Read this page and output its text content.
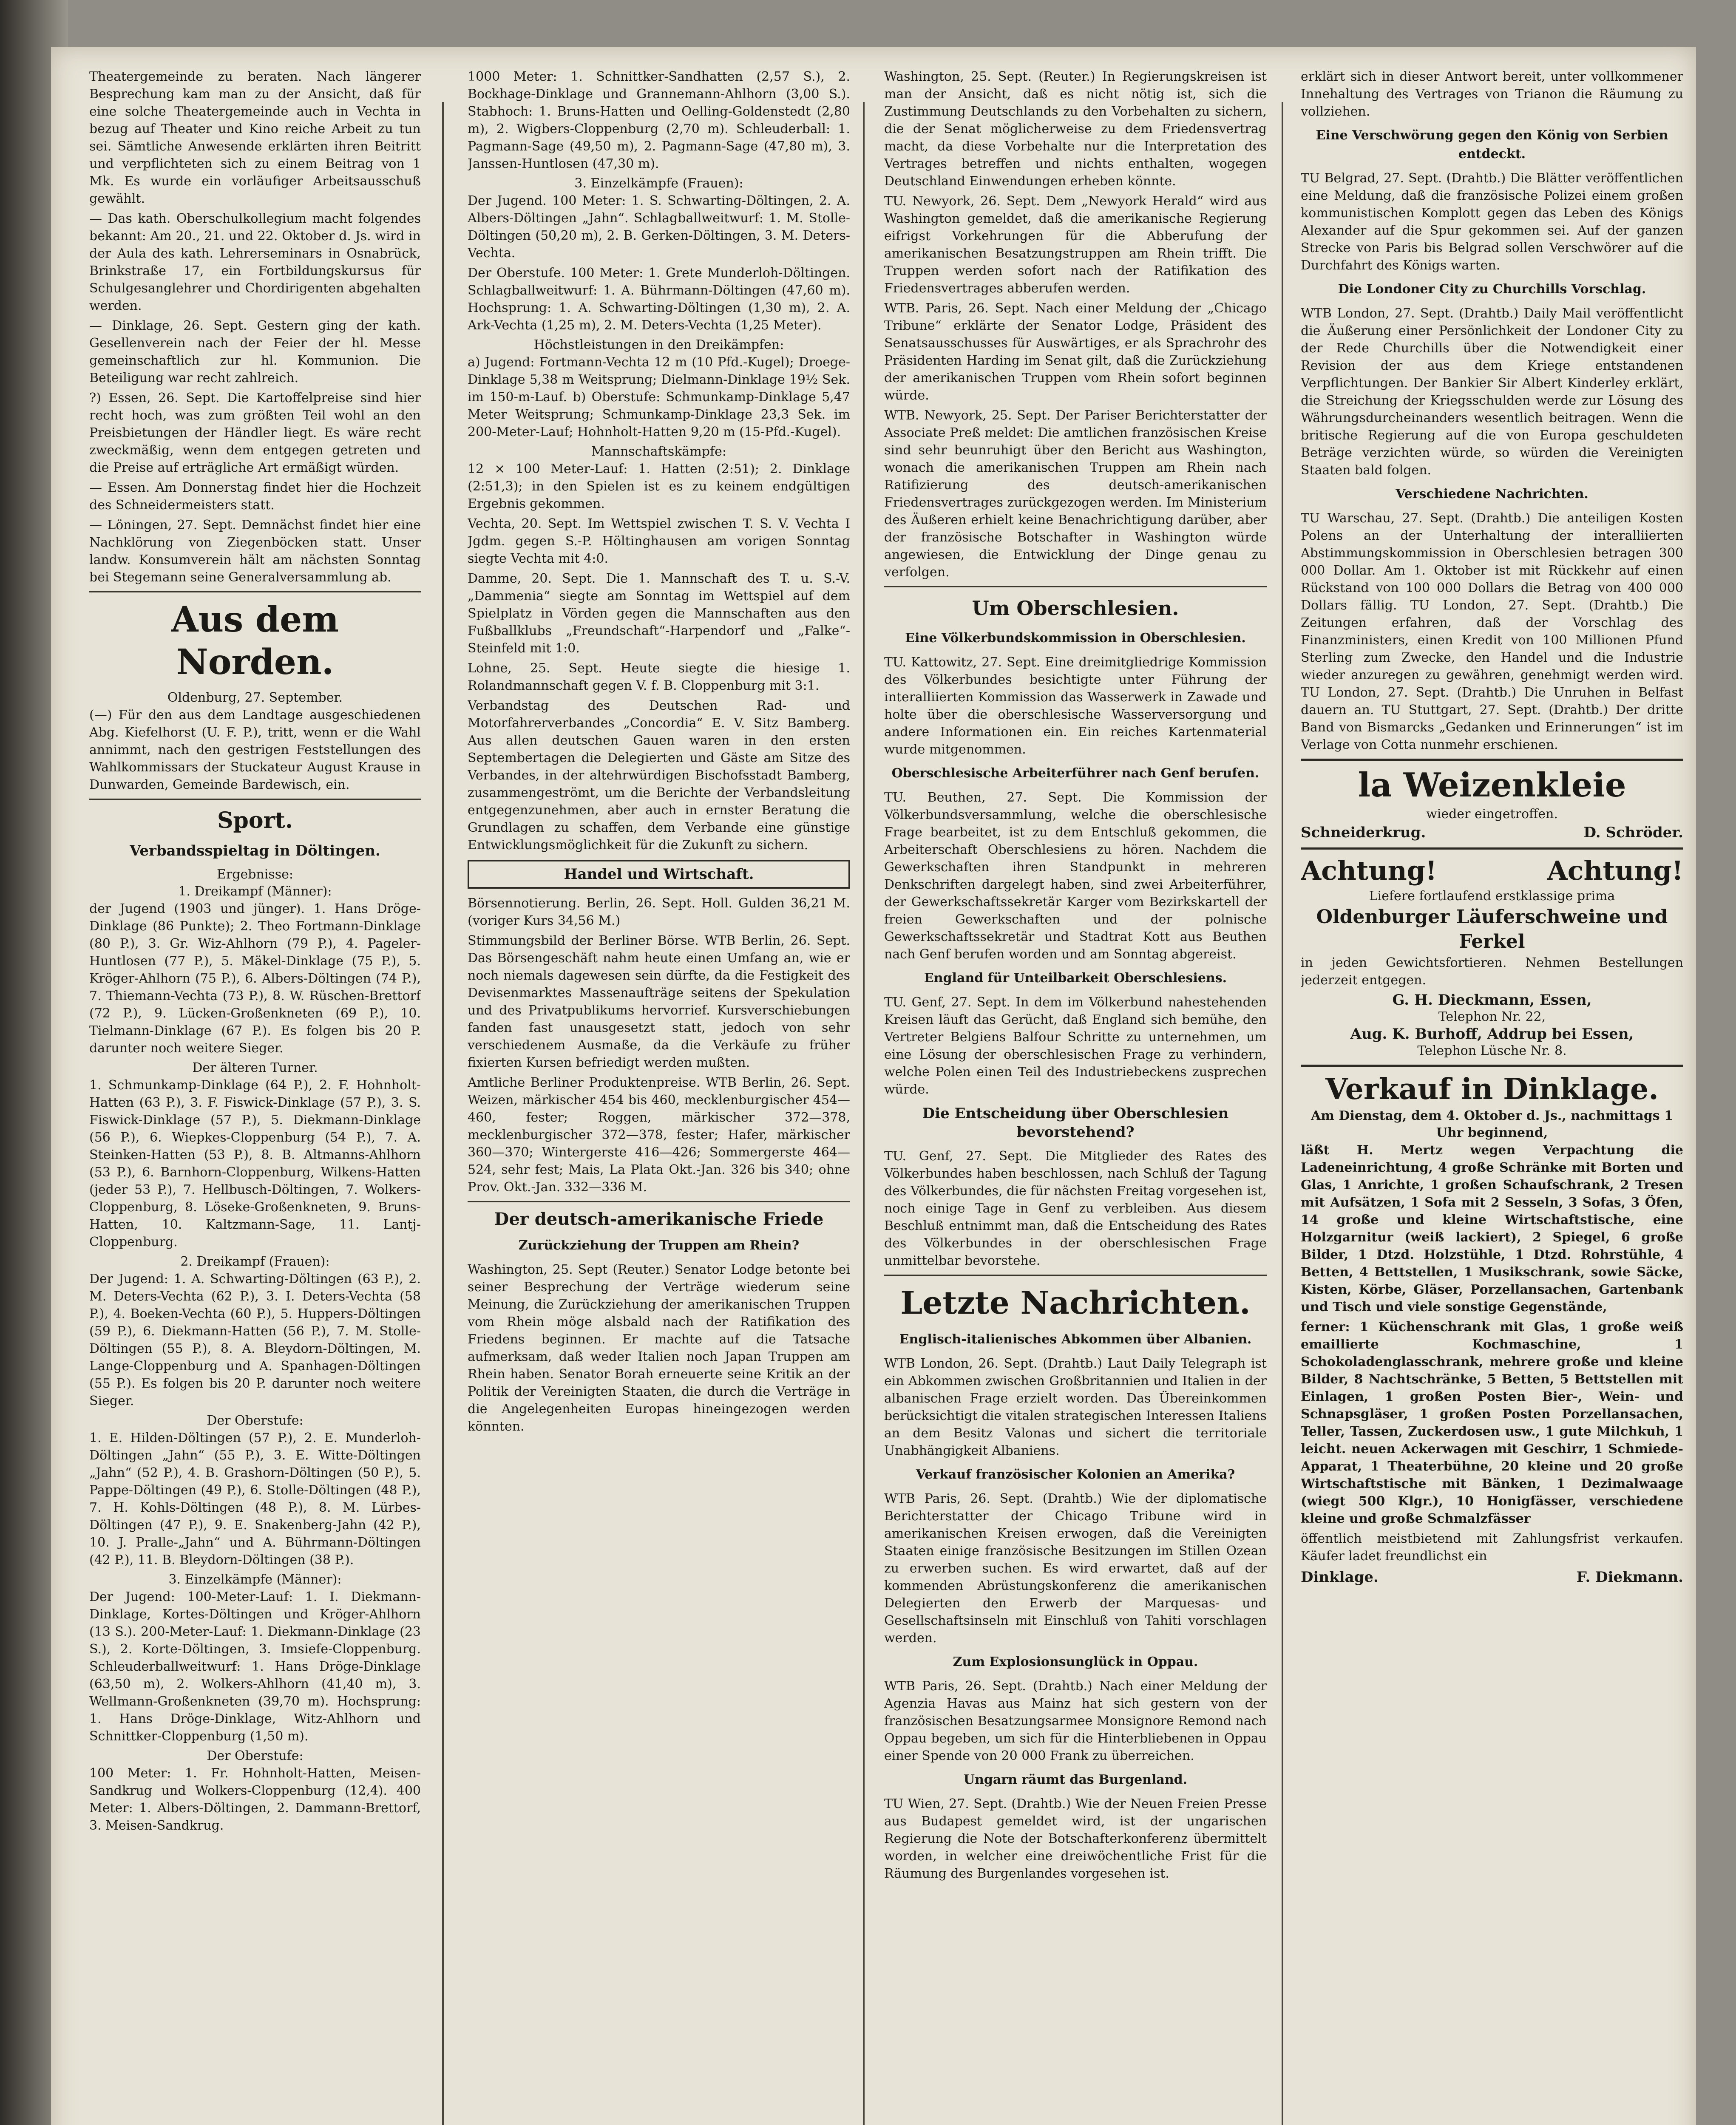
Theatergemeinde zu beraten. Nach längerer Besprechung kam man zu der Ansicht, daß für eine solche Theatergemeinde auch in Vechta in bezug auf Theater und Kino reiche Arbeit zu tun sei. Sämtliche Anwesende erklärten ihren Beitritt und verpflichteten sich zu einem Beitrag von 1 Mk. Es wurde ein vorläufiger Arbeitsausschuß gewählt.

— Das kath. Oberschulkollegium macht folgendes bekannt: Am 20., 21. und 22. Oktober d. Js. wird in der Aula des kath. Lehrerseminars in Osnabrück, Brinkstraße 17, ein Fortbildungskursus für Schulgesanglehrer und Chordirigenten abgehalten werden.

— Dinklage, 26. Sept. Gestern ging der kath. Gesellenverein nach der Feier der hl. Messe gemeinschaftlich zur hl. Kommunion. Die Beteiligung war recht zahlreich.

?) Essen, 26. Sept. Die Kartoffelpreise sind hier recht hoch, was zum größten Teil wohl an den Preisbietungen der Händler liegt. Es wäre recht zweckmäßig, wenn dem entgegen getreten und die Preise auf erträgliche Art ermäßigt würden.

— Essen. Am Donnerstag findet hier die Hochzeit des Schneidermeisters statt.

— Löningen, 27. Sept. Demnächst findet hier eine Nachklörung von Ziegenböcken statt. Unser landw. Konsumverein hält am nächsten Sonntag bei Stegemann seine Generalversammlung ab.

Aus dem Norden.
Oldenburg, 27. September.

(—) Für den aus dem Landtage ausgeschiedenen Abg. Kiefelhorst (U. F. P.), tritt, wenn er die Wahl annimmt, nach den gestrigen Feststellungen des Wahlkommissars der Stuckateur August Krause in Dunwarden, Gemeinde Bardewisch, ein.

Sport.
Verbandsspieltag in Döltingen.
Ergebnisse:
1. Dreikampf (Männer):

der Jugend (1903 und jünger). 1. Hans Dröge-Dinklage (86 Punkte); 2. Theo Fortmann-Dinklage (80 P.), 3. Gr. Wiz-Ahlhorn (79 P.), 4. Pageler-Huntlosen (77 P.), 5. Mäkel-Dinklage (75 P.), 5. Kröger-Ahlhorn (75 P.), 6. Albers-Döltingen (74 P.), 7. Thiemann-Vechta (73 P.), 8. W. Rüschen-Brettorf (72 P.), 9. Lücken-Großenkneten (69 P.), 10. Tielmann-Dinklage (67 P.). Es folgen bis 20 P. darunter noch weitere Sieger.

Der älteren Turner.

1. Schmunkamp-Dinklage (64 P.), 2. F. Hohnholt-Hatten (63 P.), 3. F. Fiswick-Dinklage (57 P.), 3. S. Fiswick-Dinklage (57 P.), 5. Diekmann-Dinklage (56 P.), 6. Wiepkes-Cloppenburg (54 P.), 7. A. Steinken-Hatten (53 P.), 8. B. Altmanns-Ahlhorn (53 P.), 6. Barnhorn-Cloppenburg, Wilkens-Hatten (jeder 53 P.), 7. Hellbusch-Döltingen, 7. Wolkers-Cloppenburg, 8. Löseke-Großenkneten, 9. Bruns-Hatten, 10. Kaltzmann-Sage, 11. Lantj-Cloppenburg.

2. Dreikampf (Frauen):

Der Jugend: 1. A. Schwarting-Döltingen (63 P.), 2. M. Deters-Vechta (62 P.), 3. I. Deters-Vechta (58 P.), 4. Boeken-Vechta (60 P.), 5. Huppers-Döltingen (59 P.), 6. Diekmann-Hatten (56 P.), 7. M. Stolle-Döltingen (55 P.), 8. A. Bleydorn-Döltingen, M. Lange-Cloppenburg und A. Spanhagen-Döltingen (55 P.). Es folgen bis 20 P. darunter noch weitere Sieger.

Der Oberstufe:

1. E. Hilden-Döltingen (57 P.), 2. E. Munderloh-Döltingen „Jahn“ (55 P.), 3. E. Witte-Döltingen „Jahn“ (52 P.), 4. B. Grashorn-Döltingen (50 P.), 5. Pappe-Döltingen (49 P.), 6. Stolle-Döltingen (48 P.), 7. H. Kohls-Döltingen (48 P.), 8. M. Lürbes-Döltingen (47 P.), 9. E. Snakenberg-Jahn (42 P.), 10. J. Pralle-„Jahn“ und A. Bührmann-Döltingen (42 P.), 11. B. Bleydorn-Döltingen (38 P.).

3. Einzelkämpfe (Männer):

Der Jugend: 100-Meter-Lauf: 1. I. Diekmann-Dinklage, Kortes-Döltingen und Kröger-Ahlhorn (13 S.). 200-Meter-Lauf: 1. Diekmann-Dinklage (23 S.), 2. Korte-Döltingen, 3. Imsiefe-Cloppenburg. Schleuderballweitwurf: 1. Hans Dröge-Dinklage (63,50 m), 2. Wolkers-Ahlhorn (41,40 m), 3. Wellmann-Großenkneten (39,70 m). Hochsprung: 1. Hans Dröge-Dinklage, Witz-Ahlhorn und Schnittker-Cloppenburg (1,50 m).

Der Oberstufe:

100 Meter: 1. Fr. Hohnholt-Hatten, Meisen-Sandkrug und Wolkers-Cloppenburg (12,4). 400 Meter: 1. Albers-Döltingen, 2. Dammann-Brettorf, 3. Meisen-Sandkrug.

1000 Meter: 1. Schnittker-Sandhatten (2,57 S.), 2. Bockhage-Dinklage und Grannemann-Ahlhorn (3,00 S.). Stabhoch: 1. Bruns-Hatten und Oelling-Goldenstedt (2,80 m), 2. Wigbers-Cloppenburg (2,70 m). Schleuderball: 1. Pagmann-Sage (49,50 m), 2. Pagmann-Sage (47,80 m), 3. Janssen-Huntlosen (47,30 m).

3. Einzelkämpfe (Frauen):

Der Jugend. 100 Meter: 1. S. Schwarting-Döltingen, 2. A. Albers-Döltingen „Jahn“. Schlagballweitwurf: 1. M. Stolle-Döltingen (50,20 m), 2. B. Gerken-Döltingen, 3. M. Deters-Vechta.

Der Oberstufe. 100 Meter: 1. Grete Munderloh-Döltingen. Schlagballweitwurf: 1. A. Bührmann-Döltingen (47,60 m). Hochsprung: 1. A. Schwarting-Döltingen (1,30 m), 2. A. Ark-Vechta (1,25 m), 2. M. Deters-Vechta (1,25 Meter).

Höchstleistungen in den Dreikämpfen:

a) Jugend: Fortmann-Vechta 12 m (10 Pfd.-Kugel); Droege-Dinklage 5,38 m Weitsprung; Dielmann-Dinklage 19½ Sek. im 150-m-Lauf. b) Oberstufe: Schmunkamp-Dinklage 5,47 Meter Weitsprung; Schmunkamp-Dinklage 23,3 Sek. im 200-Meter-Lauf; Hohnholt-Hatten 9,20 m (15-Pfd.-Kugel).

Mannschaftskämpfe:

12 × 100 Meter-Lauf: 1. Hatten (2:51); 2. Dinklage (2:51,3); in den Spielen ist es zu keinem endgültigen Ergebnis gekommen.

Vechta, 20. Sept. Im Wettspiel zwischen T. S. V. Vechta I Jgdm. gegen S.-P. Höltinghausen am vorigen Sonntag siegte Vechta mit 4:0.

Damme, 20. Sept. Die 1. Mannschaft des T. u. S.-V. „Dammenia“ siegte am Sonntag im Wettspiel auf dem Spielplatz in Vörden gegen die Mannschaften aus den Fußballklubs „Freundschaft“-Harpendorf und „Falke“-Steinfeld mit 1:0.

Lohne, 25. Sept. Heute siegte die hiesige 1. Rolandmannschaft gegen V. f. B. Cloppenburg mit 3:1.

Verbandstag des Deutschen Rad- und Motorfahrerverbandes „Concordia“ E. V. Sitz Bamberg. Aus allen deutschen Gauen waren in den ersten Septembertagen die Delegierten und Gäste am Sitze des Verbandes, in der altehrwürdigen Bischofsstadt Bamberg, zusammengeströmt, um die Berichte der Verbandsleitung entgegenzunehmen, aber auch in ernster Beratung die Grundlagen zu schaffen, dem Verbande eine günstige Entwicklungsmöglichkeit für die Zukunft zu sichern.

Handel und Wirtschaft.

Börsennotierung. Berlin, 26. Sept. Holl. Gulden 36,21 M. (voriger Kurs 34,56 M.)

Stimmungsbild der Berliner Börse. WTB Berlin, 26. Sept. Das Börsengeschäft nahm heute einen Umfang an, wie er noch niemals dagewesen sein dürfte, da die Festigkeit des Devisenmarktes Massenaufträge seitens der Spekulation und des Privatpublikums hervorrief. Kursverschiebungen fanden fast unausgesetzt statt, jedoch von sehr verschiedenem Ausmaße, da die Verkäufe zu früher fixierten Kursen befriedigt werden mußten.

Amtliche Berliner Produktenpreise. WTB Berlin, 26. Sept. Weizen, märkischer 454 bis 460, mecklenburgischer 454—460, fester; Roggen, märkischer 372—378, mecklenburgischer 372—378, fester; Hafer, märkischer 360—370; Wintergerste 416—426; Sommergerste 464—524, sehr fest; Mais, La Plata Okt.-Jan. 326 bis 340; ohne Prov. Okt.-Jan. 332—336 M.

Der deutsch-amerikanische Friede
Zurückziehung der Truppen am Rhein?

Washington, 25. Sept (Reuter.) Senator Lodge betonte bei seiner Besprechung der Verträge wiederum seine Meinung, die Zurückziehung der amerikanischen Truppen vom Rhein möge alsbald nach der Ratifikation des Friedens beginnen. Er machte auf die Tatsache aufmerksam, daß weder Italien noch Japan Truppen am Rhein haben. Senator Borah erneuerte seine Kritik an der Politik der Vereinigten Staaten, die durch die Verträge in die Angelegenheiten Europas hineingezogen werden könnten.

Washington, 25. Sept. (Reuter.) In Regierungskreisen ist man der Ansicht, daß es nicht nötig ist, sich die Zustimmung Deutschlands zu den Vorbehalten zu sichern, die der Senat möglicherweise zu dem Friedensvertrag macht, da diese Vorbehalte nur die Interpretation des Vertrages betreffen und nichts enthalten, wogegen Deutschland Einwendungen erheben könnte.

TU. Newyork, 26. Sept. Dem „Newyork Herald“ wird aus Washington gemeldet, daß die amerikanische Regierung eifrigst Vorkehrungen für die Abberufung der amerikanischen Besatzungstruppen am Rhein trifft. Die Truppen werden sofort nach der Ratifikation des Friedensvertrages abberufen werden.

WTB. Paris, 26. Sept. Nach einer Meldung der „Chicago Tribune“ erklärte der Senator Lodge, Präsident des Senatsausschusses für Auswärtiges, er als Sprachrohr des Präsidenten Harding im Senat gilt, daß die Zurückziehung der amerikanischen Truppen vom Rhein sofort beginnen würde.

WTB. Newyork, 25. Sept. Der Pariser Berichterstatter der Associate Preß meldet: Die amtlichen französischen Kreise sind sehr beunruhigt über den Bericht aus Washington, wonach die amerikanischen Truppen am Rhein nach Ratifizierung des deutsch-amerikanischen Friedensvertrages zurückgezogen werden. Im Ministerium des Äußeren erhielt keine Benachrichtigung darüber, aber der französische Botschafter in Washington würde angewiesen, die Entwicklung der Dinge genau zu verfolgen.

Um Oberschlesien.
Eine Völkerbundskommission in Oberschlesien.

TU. Kattowitz, 27. Sept. Eine dreimitgliedrige Kommission des Völkerbundes besichtigte unter Führung der interalliierten Kommission das Wasserwerk in Zawade und holte über die oberschlesische Wasserversorgung und andere Informationen ein. Ein reiches Kartenmaterial wurde mitgenommen.

Oberschlesische Arbeiterführer nach Genf berufen.

TU. Beuthen, 27. Sept. Die Kommission der Völkerbundsversammlung, welche die oberschlesische Frage bearbeitet, ist zu dem Entschluß gekommen, die Arbeiterschaft Oberschlesiens zu hören. Nachdem die Gewerkschaften ihren Standpunkt in mehreren Denkschriften dargelegt haben, sind zwei Arbeiterführer, der Gewerkschaftssekretär Karger vom Bezirkskartell der freien Gewerkschaften und der polnische Gewerkschaftssekretär und Stadtrat Kott aus Beuthen nach Genf berufen worden und am Sonntag abgereist.

England für Unteilbarkeit Oberschlesiens.

TU. Genf, 27. Sept. In dem im Völkerbund nahestehenden Kreisen läuft das Gerücht, daß England sich bemühe, den Vertreter Belgiens Balfour Schritte zu unternehmen, um eine Lösung der oberschlesischen Frage zu verhindern, welche Polen einen Teil des Industriebeckens zusprechen würde.

Die Entscheidung über Oberschlesien bevorstehend?

TU. Genf, 27. Sept. Die Mitglieder des Rates des Völkerbundes haben beschlossen, nach Schluß der Tagung des Völkerbundes, die für nächsten Freitag vorgesehen ist, noch einige Tage in Genf zu verbleiben. Aus diesem Beschluß entnimmt man, daß die Entscheidung des Rates des Völkerbundes in der oberschlesischen Frage unmittelbar bevorstehe.

Letzte Nachrichten.
Englisch-italienisches Abkommen über Albanien.

WTB London, 26. Sept. (Drahtb.) Laut Daily Telegraph ist ein Abkommen zwischen Großbritannien und Italien in der albanischen Frage erzielt worden. Das Übereinkommen berücksichtigt die vitalen strategischen Interessen Italiens an dem Besitz Valonas und sichert die territoriale Unabhängigkeit Albaniens.

Verkauf französischer Kolonien an Amerika?

WTB Paris, 26. Sept. (Drahtb.) Wie der diplomatische Berichterstatter der Chicago Tribune wird in amerikanischen Kreisen erwogen, daß die Vereinigten Staaten einige französische Besitzungen im Stillen Ozean zu erwerben suchen. Es wird erwartet, daß auf der kommenden Abrüstungskonferenz die amerikanischen Delegierten den Erwerb der Marquesas- und Gesellschaftsinseln mit Einschluß von Tahiti vorschlagen werden.

Zum Explosionsunglück in Oppau.

WTB Paris, 26. Sept. (Drahtb.) Nach einer Meldung der Agenzia Havas aus Mainz hat sich gestern von der französischen Besatzungsarmee Monsignore Remond nach Oppau begeben, um sich für die Hinterbliebenen in Oppau einer Spende von 20 000 Frank zu überreichen.

Ungarn räumt das Burgenland.

TU Wien, 27. Sept. (Drahtb.) Wie der Neuen Freien Presse aus Budapest gemeldet wird, ist der ungarischen Regierung die Note der Botschafterkonferenz übermittelt worden, in welcher eine dreiwöchentliche Frist für die Räumung des Burgenlandes vorgesehen ist.

erklärt sich in dieser Antwort bereit, unter vollkommener Innehaltung des Vertrages von Trianon die Räumung zu vollziehen.

Eine Verschwörung gegen den König von Serbien entdeckt.

TU Belgrad, 27. Sept. (Drahtb.) Die Blätter veröffentlichen eine Meldung, daß die französische Polizei einem großen kommunistischen Komplott gegen das Leben des Königs Alexander auf die Spur gekommen sei. Auf der ganzen Strecke von Paris bis Belgrad sollen Verschwörer auf die Durchfahrt des Königs warten.

Die Londoner City zu Churchills Vorschlag.

WTB London, 27. Sept. (Drahtb.) Daily Mail veröffentlicht die Äußerung einer Persönlichkeit der Londoner City zu der Rede Churchills über die Notwendigkeit einer Revision der aus dem Kriege entstandenen Verpflichtungen. Der Bankier Sir Albert Kinderley erklärt, die Streichung der Kriegsschulden werde zur Lösung des Währungsdurcheinanders wesentlich beitragen. Wenn die britische Regierung auf die von Europa geschuldeten Beträge verzichten würde, so würden die Vereinigten Staaten bald folgen.

Verschiedene Nachrichten.

TU Warschau, 27. Sept. (Drahtb.) Die anteiligen Kosten Polens an der Unterhaltung der interalliierten Abstimmungskommission in Oberschlesien betragen 300 000 Dollar. Am 1. Oktober ist mit Rückkehr auf einen Rückstand von 100 000 Dollars die Betrag von 400 000 Dollars fällig. TU London, 27. Sept. (Drahtb.) Die Zeitungen erfahren, daß der Vorschlag des Finanzministers, einen Kredit von 100 Millionen Pfund Sterling zum Zwecke, den Handel und die Industrie wieder anzuregen zu gewähren, genehmigt werden wird. TU London, 27. Sept. (Drahtb.) Die Unruhen in Belfast dauern an. TU Stuttgart, 27. Sept. (Drahtb.) Der dritte Band von Bismarcks „Gedanken und Erinnerungen“ ist im Verlage von Cotta nunmehr erschienen.

la Weizenkleie
wieder eingetroffen.
Schneiderkrug.	D. Schröder.
Achtung!	Achtung!
Liefere fortlaufend erstklassige prima
Oldenburger Läuferschweine und Ferkel

in jeden Gewichtsfortieren. Nehmen Bestellungen jederzeit entgegen.

G. H. Dieckmann, Essen,
Telephon Nr. 22,
Aug. K. Burhoff, Addrup bei Essen,
Telephon Lüsche Nr. 8.
Verkauf in Dinklage.
Am Dienstag, dem 4. Oktober d. Js., nachmittags 1 Uhr beginnend,

läßt H. Mertz wegen Verpachtung die Ladeneinrichtung, 4 große Schränke mit Borten und Glas, 1 Anrichte, 1 großen Schaufschrank, 2 Tresen mit Aufsätzen, 1 Sofa mit 2 Sesseln, 3 Sofas, 3 Öfen, 14 große und kleine Wirtschaftstische, eine Holzgarnitur (weiß lackiert), 2 Spiegel, 6 große Bilder, 1 Dtzd. Holzstühle, 1 Dtzd. Rohrstühle, 4 Betten, 4 Bettstellen, 1 Musikschrank, sowie Säcke, Kisten, Körbe, Gläser, Porzellansachen, Gartenbank und Tisch und viele sonstige Gegenstände,

ferner: 1 Küchenschrank mit Glas, 1 große weiß emaillierte Kochmaschine, 1 Schokoladenglasschrank, mehrere große und kleine Bilder, 8 Nachtschränke, 5 Betten, 5 Bettstellen mit Einlagen, 1 großen Posten Bier-, Wein- und Schnapsgläser, 1 großen Posten Porzellansachen, Teller, Tassen, Zuckerdosen usw., 1 gute Milchkuh, 1 leicht. neuen Ackerwagen mit Geschirr, 1 Schmiede-Apparat, 1 Theaterbühne, 20 kleine und 20 große Wirtschaftstische mit Bänken, 1 Dezimalwaage (wiegt 500 Klgr.), 10 Honigfässer, verschiedene kleine und große Schmalzfässer

öffentlich meistbietend mit Zahlungsfrist verkaufen. Käufer ladet freundlichst ein

Dinklage.	F. Diekmann.
